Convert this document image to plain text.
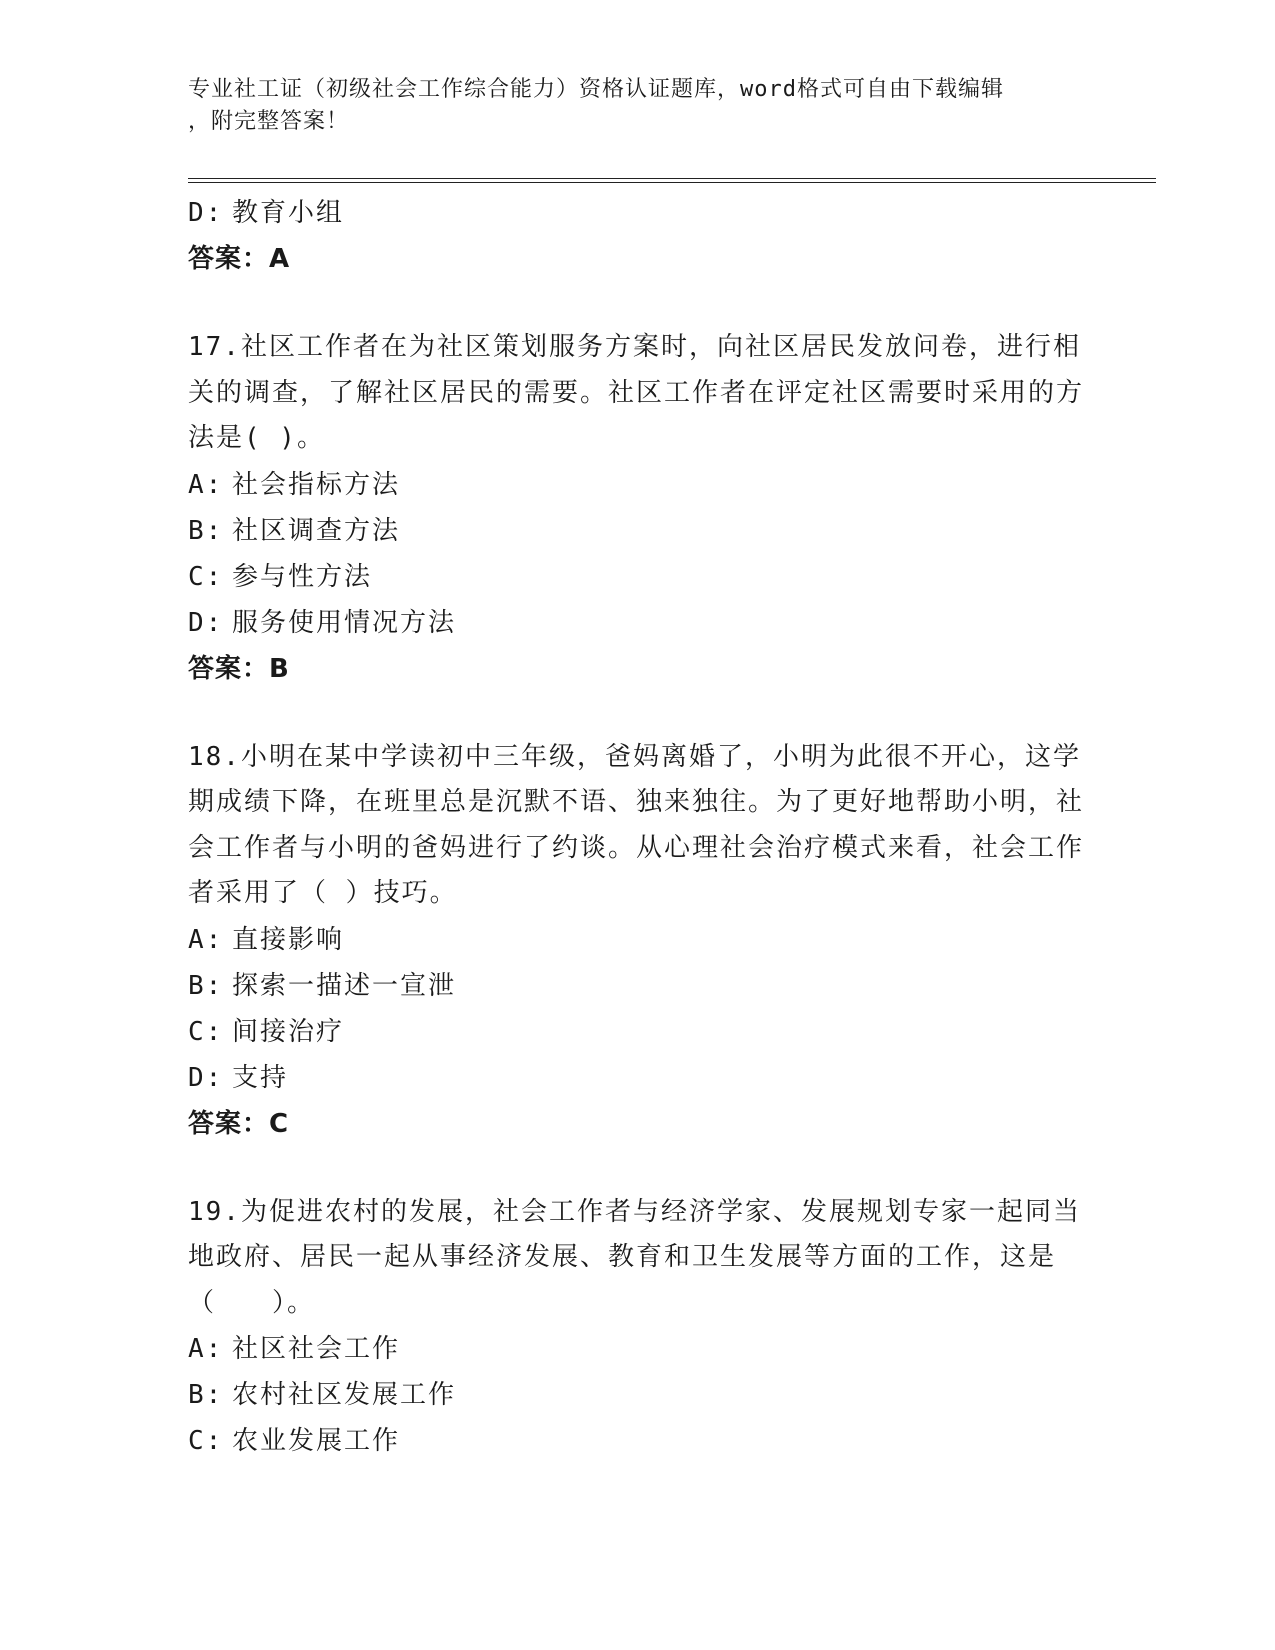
专业社工证（初级社会工作综合能力）资格认证题库，word格式可自由下载编辑
，附完整答案！
D: 教育小组
答案：A
17.社区工作者在为社区策划服务方案时，向社区居民发放问卷，进行相关的调查，了解社区居民的需要。社区工作者在评定社区需要时采用的方法是( )。
A: 社会指标方法
B: 社区调查方法
C: 参与性方法
D: 服务使用情况方法
答案：B
18.小明在某中学读初中三年级，爸妈离婚了，小明为此很不开心，这学期成绩下降，在班里总是沉默不语、独来独往。为了更好地帮助小明，社会工作者与小明的爸妈进行了约谈。从心理社会治疗模式来看，社会工作者采用了（ ）技巧。
A: 直接影响
B: 探索一描述一宣泄
C: 间接治疗
D: 支持
答案：C
19.为促进农村的发展，社会工作者与经济学家、发展规划专家一起同当地政府、居民一起从事经济发展、教育和卫生发展等方面的工作，这是（　　）。
A: 社区社会工作
B: 农村社区发展工作
C: 农业发展工作
